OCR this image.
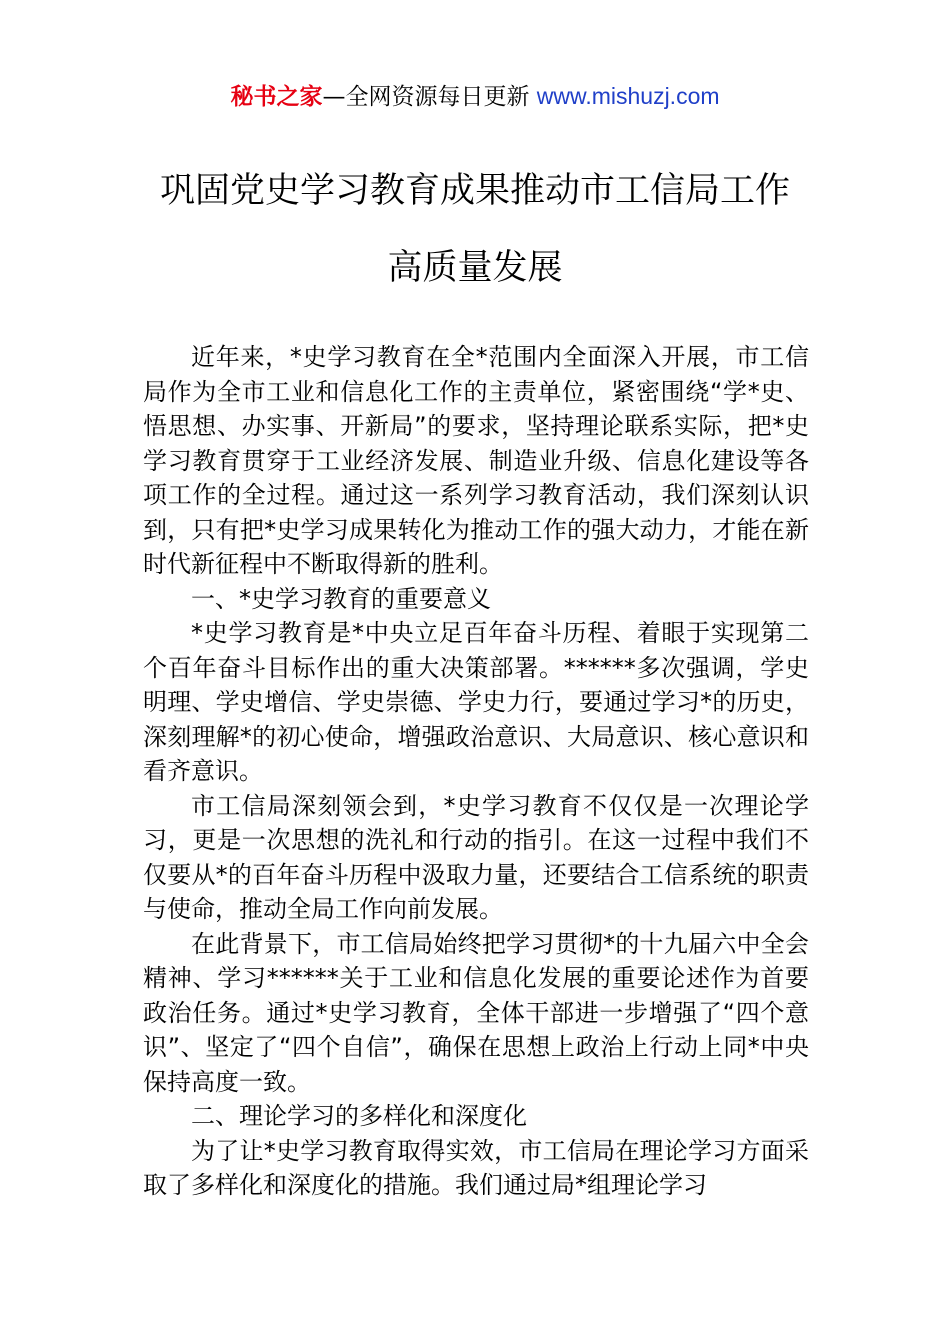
秘书之家—全网资源每日更新 www.mishuzj.com
巩固党史学习教育成果推动市工信局工作
高质量发展

近年来，*史学习教育在全*范围内全面深入开展，市工信局作为全市工业和信息化工作的主责单位，紧密围绕“学*史、悟思想、办实事、开新局”的要求，坚持理论联系实际，把*史学习教育贯穿于工业经济发展、制造业升级、信息化建设等各项工作的全过程。通过这一系列学习教育活动，我们深刻认识到，只有把*史学习成果转化为推动工作的强大动力，才能在新时代新征程中不断取得新的胜利。

一、*史学习教育的重要意义

*史学习教育是*中央立足百年奋斗历程、着眼于实现第二个百年奋斗目标作出的重大决策部署。******多次强调，学史明理、学史增信、学史崇德、学史力行，要通过学习*的历史，深刻理解*的初心使命，增强政治意识、大局意识、核心意识和看齐意识。

市工信局深刻领会到，*史学习教育不仅仅是一次理论学习，更是一次思想的洗礼和行动的指引。在这一过程中我们不仅要从*的百年奋斗历程中汲取力量，还要结合工信系统的职责与使命，推动全局工作向前发展。

在此背景下，市工信局始终把学习贯彻*的十九届六中全会精神、学习******关于工业和信息化发展的重要论述作为首要政治任务。通过*史学习教育，全体干部进一步增强了“四个意识”、坚定了“四个自信”，确保在思想上政治上行动上同*中央保持高度一致。

二、理论学习的多样化和深度化

为了让*史学习教育取得实效，市工信局在理论学习方面采取了多样化和深度化的措施。我们通过局*组理论学习
